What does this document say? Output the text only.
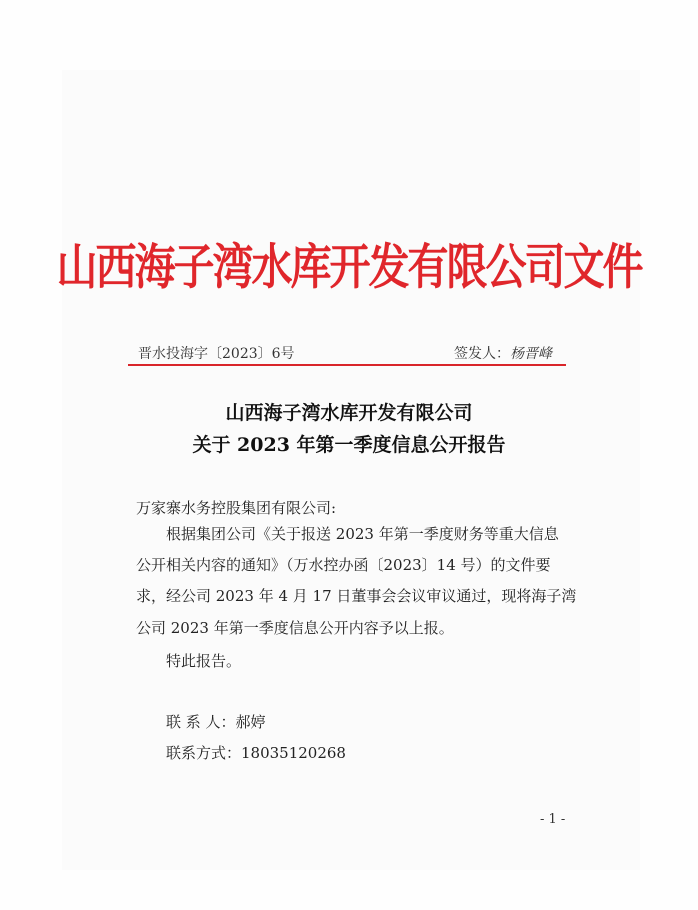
山西海子湾水库开发有限公司文件
晋水投海字〔2023〕6号	签发人：杨晋峰
山西海子湾水库开发有限公司
关于 2023 年第一季度信息公开报告
万家寨水务控股集团有限公司:
根据集团公司《关于报送 2023 年第一季度财务等重大信息
公开相关内容的通知》（万水控办函〔2023〕14 号）的文件要
求，经公司 2023 年 4 月 17 日董事会会议审议通过，现将海子湾
公司 2023 年第一季度信息公开内容予以上报。
特此报告。
联 系 人：郝婷
联系方式：18035120268
- 1 -
